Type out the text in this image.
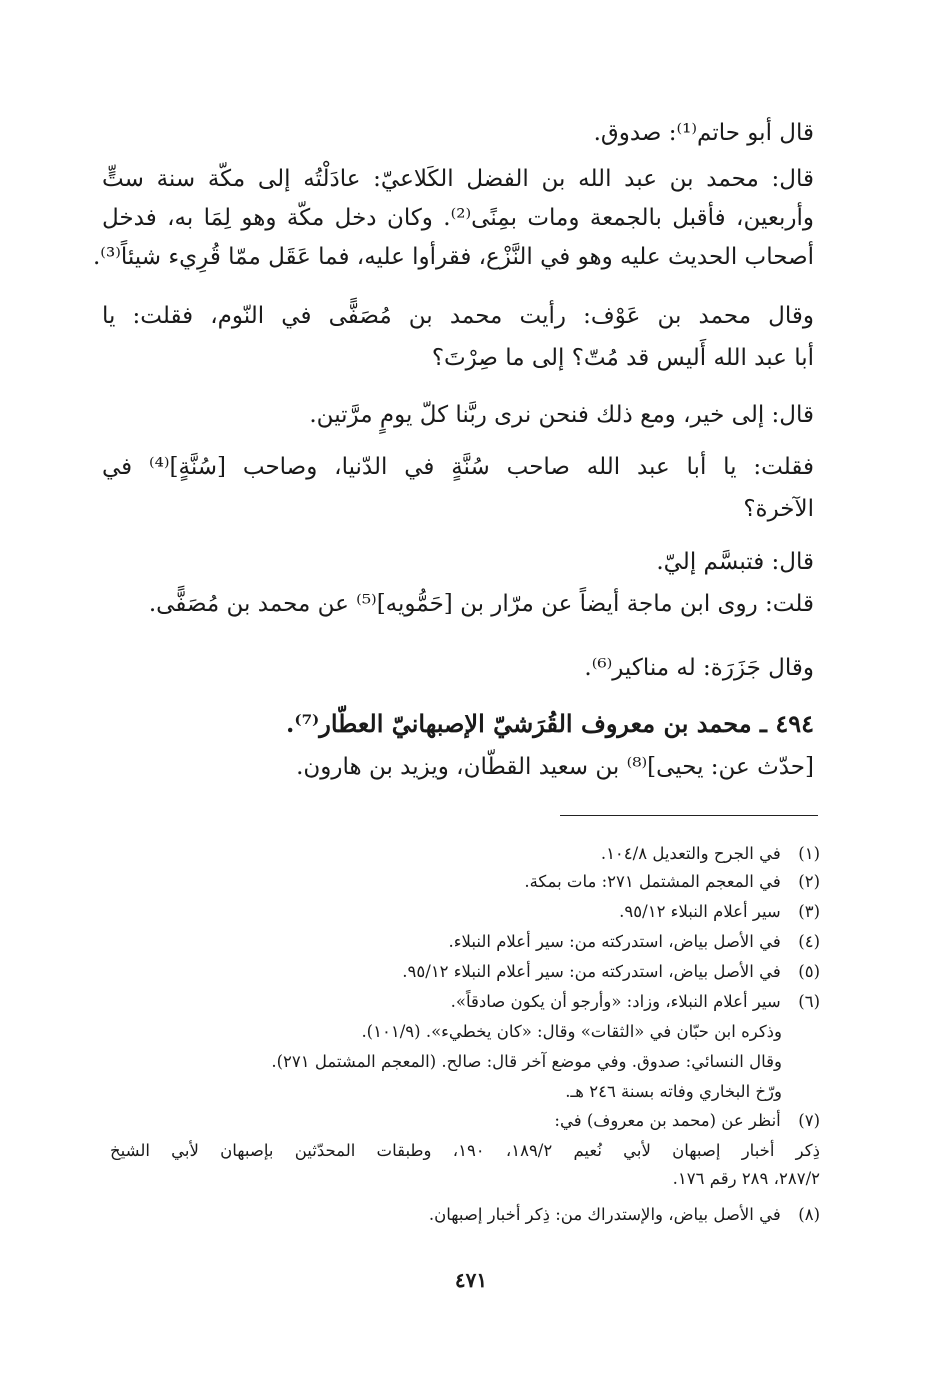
قال أبو حاتم⁽¹⁾: صدوق.
قال: محمد بن عبد الله بن الفضل الكَلاعيّ: عادَلْتُه إلى مكّة سنة ستٍّ
وأربعين، فأقبل بالجمعة ومات بمِنًى⁽²⁾. وكان دخل مكّة وهو لِمَا به، فدخل
أصحاب الحديث عليه وهو في النَّزْع، فقرأوا عليه، فما عَقَل ممّا قُرِيء شيئاً⁽³⁾.
وقال محمد بن عَوْف: رأيت محمد بن مُصَفًّى في النّوم، فقلت: يا
أبا عبد الله أَليس قد مُتّ؟ إلى ما صِرْتَ؟
قال: إلى خير، ومع ذلك فنحن نرى ربَّنا كلّ يومٍ مرَّتين.
فقلت: يا أبا عبد الله صاحب سُنَّةٍ في الدّنيا، وصاحب [سُنَّةٍ]⁽⁴⁾ في
الآخرة؟
قال: فتبسَّم إليّ.
قلت: روى ابن ماجة أيضاً عن مرّار بن [حَمُّويه]⁽⁵⁾ عن محمد بن مُصَفًّى.
وقال جَزَرَة: له مناكير⁽⁶⁾.
٤٩٤ ـ محمد بن معروف القُرَشيّ الإصبهانيّ العطّار⁽⁷⁾.
[حدّث عن: يحيى]⁽⁸⁾ بن سعيد القطّان، ويزيد بن هارون.
(١) في الجرح والتعديل ١٠٤/٨.
(٢) في المعجم المشتمل ٢٧١: مات بمكة.
(٣) سير أعلام النبلاء ٩٥/١٢.
(٤) في الأصل بياض، استدركته من: سير أعلام النبلاء.
(٥) في الأصل بياض، استدركته من: سير أعلام النبلاء ٩٥/١٢.
(٦) سير أعلام النبلاء، وزاد: «وأرجو أن يكون صادقاً».
وذكره ابن حبّان في «الثقات» وقال: «كان يخطيء». (١٠١/٩).
وقال النسائي: صدوق. وفي موضع آخر قال: صالح. (المعجم المشتمل ٢٧١).
ورّخ البخاري وفاته بسنة ٢٤٦ هـ.
(٧) أنظر عن (محمد بن معروف) في:
ذِكر أخبار إصبهان لأبي نُعيم ١٨٩/٢، ١٩٠، وطبقات المحدّثين بإصبهان لأبي الشيخ
٢٨٧/٢، ٢٨٩ رقم ١٧٦.
(٨) في الأصل بياض، والإستدراك من: ذِكر أخبار إصبهان.
٤٧١
